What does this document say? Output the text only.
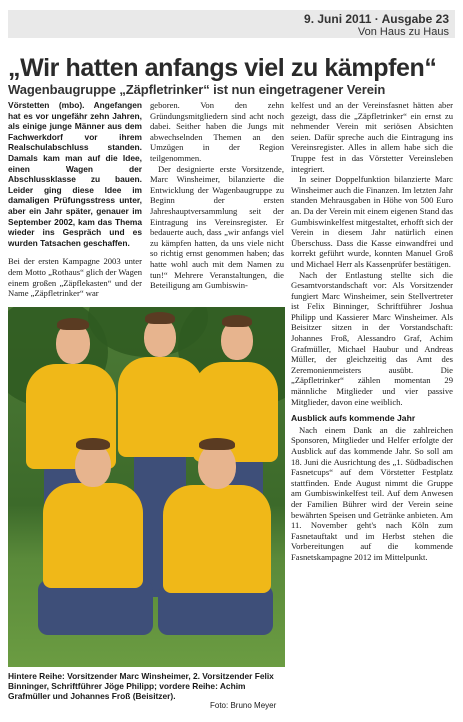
9. Juni 2011 · Ausgabe 23
Von Haus zu Haus
„Wir hatten anfangs viel zu kämpfen“
Wagenbaugruppe „Zäpfletrinker“ ist nun eingetragener Verein

Vörstetten (mbo). Angefangen hat es vor ungefähr zehn Jahren, als einige junge Männer aus dem Fachwerkdorf vor ihrem Realschulabschluss standen. Damals kam man auf die Idee, einen Wagen der Abschlussklasse zu bauen. Leider ging diese Idee im damaligen Prüfungsstress unter, aber ein Jahr später, genauer im September 2002, kam das Thema wieder ins Gespräch und es wurden Tatsachen geschaffen.

Bei der ersten Kampagne 2003 unter dem Motto „Rothaus“ glich der Wagen einem großen „Zäpflekasten“ und der Name „Zäpfletrinker“ war

geboren. Von den zehn Gründungsmitgliedern sind acht noch dabei. Seither haben die Jungs mit abwechselnden Themen an den Umzügen in der Region teilgenommen.

Der designierte erste Vorsitzende, Marc Winsheimer, bilanzierte die Entwicklung der Wagenbaugruppe zu Beginn der ersten Jahreshauptversammlung seit der Eintragung ins Vereinsregister. Er bedauerte auch, dass „wir anfangs viel zu kämpfen hatten, da uns viele nicht so richtig ernst genommen haben; das hatte wohl auch mit dem Namen zu tun!“ Mehrere Veranstaltungen, die Beteiligung am Gumbiswin-

kelfest und an der Vereinsfasnet hätten aber gezeigt, dass die „Zäpfletrinker“ ein ernst zu nehmender Verein mit seriösen Absichten seien. Dafür spreche auch die Eintragung ins Vereinsregister. Alles in allem habe sich die Truppe fest in das Vörstetter Vereinsleben integriert.

In seiner Doppelfunktion bilanzierte Marc Winsheimer auch die Finanzen. Im letzten Jahr standen Mehrausgaben in Höhe von 500 Euro an. Da der Verein mit einem eigenen Stand das Gumbiswinkelfest mitgestaltet, erhofft sich der Verein in diesem Jahr natürlich einen Überschuss. Dass die Kasse einwandfrei und korrekt geführt wurde, konnten Manuel Groß und Michael Herr als Kassenprüfer bestätigen.

Nach der Entlastung stellte sich die Gesamtvorstandschaft vor: Als Vorsitzender fungiert Marc Winsheimer, sein Stellvertreter ist Felix Binninger, Schriftführer Joshua Philipp und Kassierer Marc Winsheimer. Als Beisitzer sitzen in der Vorstandschaft: Johannes Froß, Alessandro Graf, Achim Grafmüller, Michael Haubur und Andreas Müller, der gleichzeitig das Amt des Zeremonienmeisters ausübt. Die „Zäpfletrinker“ zählen momentan 29 männliche Mitglieder und vier passive Mitglieder, davon eine weiblich.

Ausblick aufs kommende Jahr

Nach einem Dank an die zahlreichen Sponsoren, Mitglieder und Helfer erfolgte der Ausblick auf das kommende Jahr. So soll am 18. Juni die Ausrichtung des „1. Südbadischen Fasnetcups“ auf dem Vörstetter Festplatz stattfinden. Ende August nimmt die Gruppe am Gumbiswinkelfest teil. Auf dem Anwesen der Familien Bührer wird der Verein seine bewährten Speisen und Getränke anbieten. Am 11. November geht's nach Köln zum Fasnetauftakt und im Herbst stehen die Vorbereitungen auf die kommende Fasnetskampagne 2012 im Mittelpunkt.

Hintere Reihe: Vorsitzender Marc Winsheimer, 2. Vorsitzender Felix Binninger, Schriftführer Jöge Philipp; vordere Reihe: Achim Grafmüller und Johannes Froß (Beisitzer).
Foto: Bruno Meyer
